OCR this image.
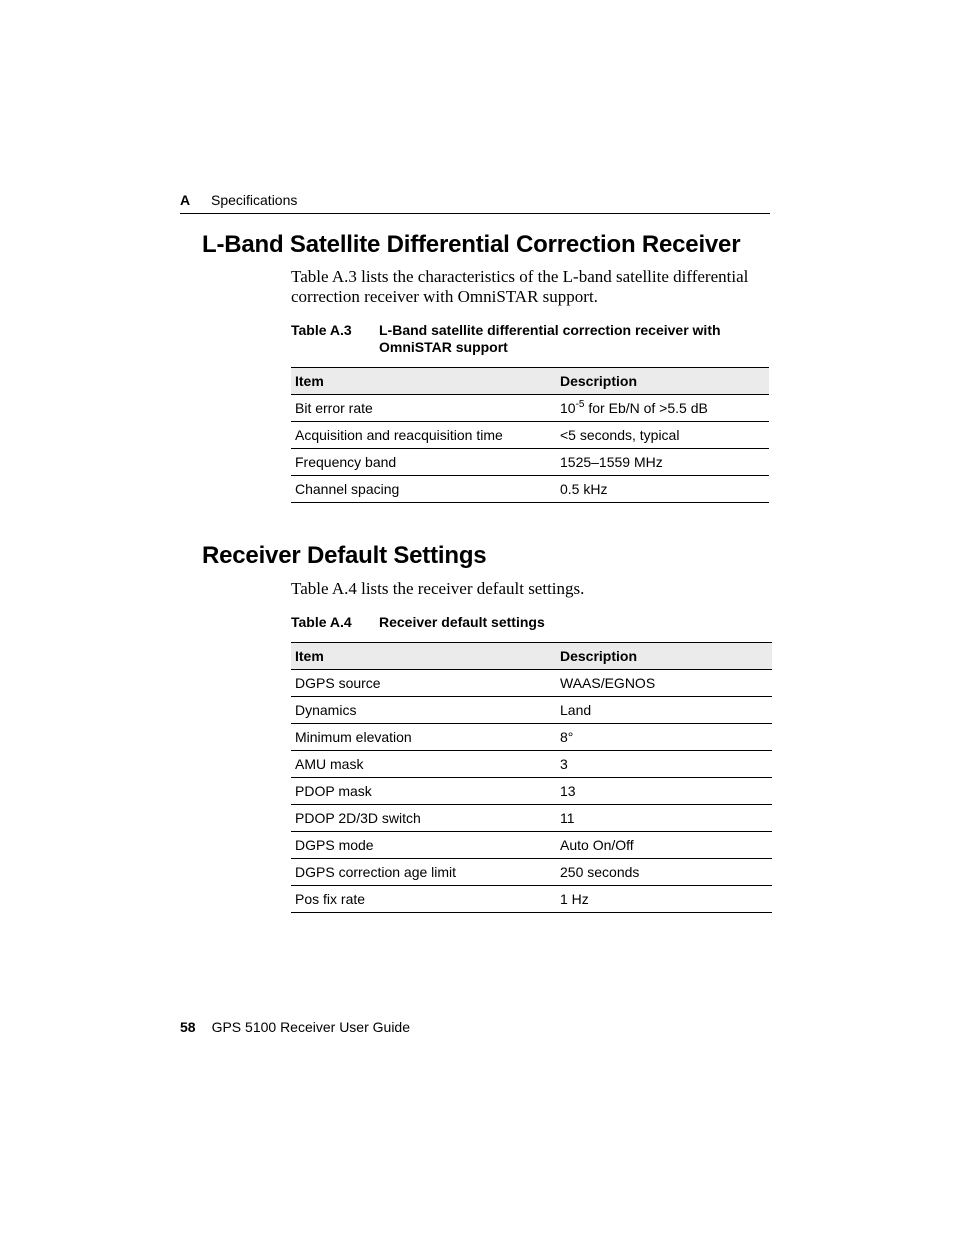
A Specifications
L-Band Satellite Differential Correction Receiver
Table A.3 lists the characteristics of the L-band satellite differential correction receiver with OmniSTAR support.
Table A.3 L-Band satellite differential correction receiver with OmniSTAR support
Item	Description
Bit error rate	$10^{-5}$ for Eb/N of >5.5 dB
Acquisition and reacquisition time	<5 seconds, typical
Frequency band	1525–1559 MHz
Channel spacing	0.5 kHz
Receiver Default Settings
Table A.4 lists the receiver default settings.
Table A.4 Receiver default settings
Item	Description
DGPS source	WAAS/EGNOS
Dynamics	Land
Minimum elevation	8°
AMU mask	3
PDOP mask	13
PDOP 2D/3D switch	11
DGPS mode	Auto On/Off
DGPS correction age limit	250 seconds
Pos fix rate	1 Hz
58 GPS 5100 Receiver User Guide
